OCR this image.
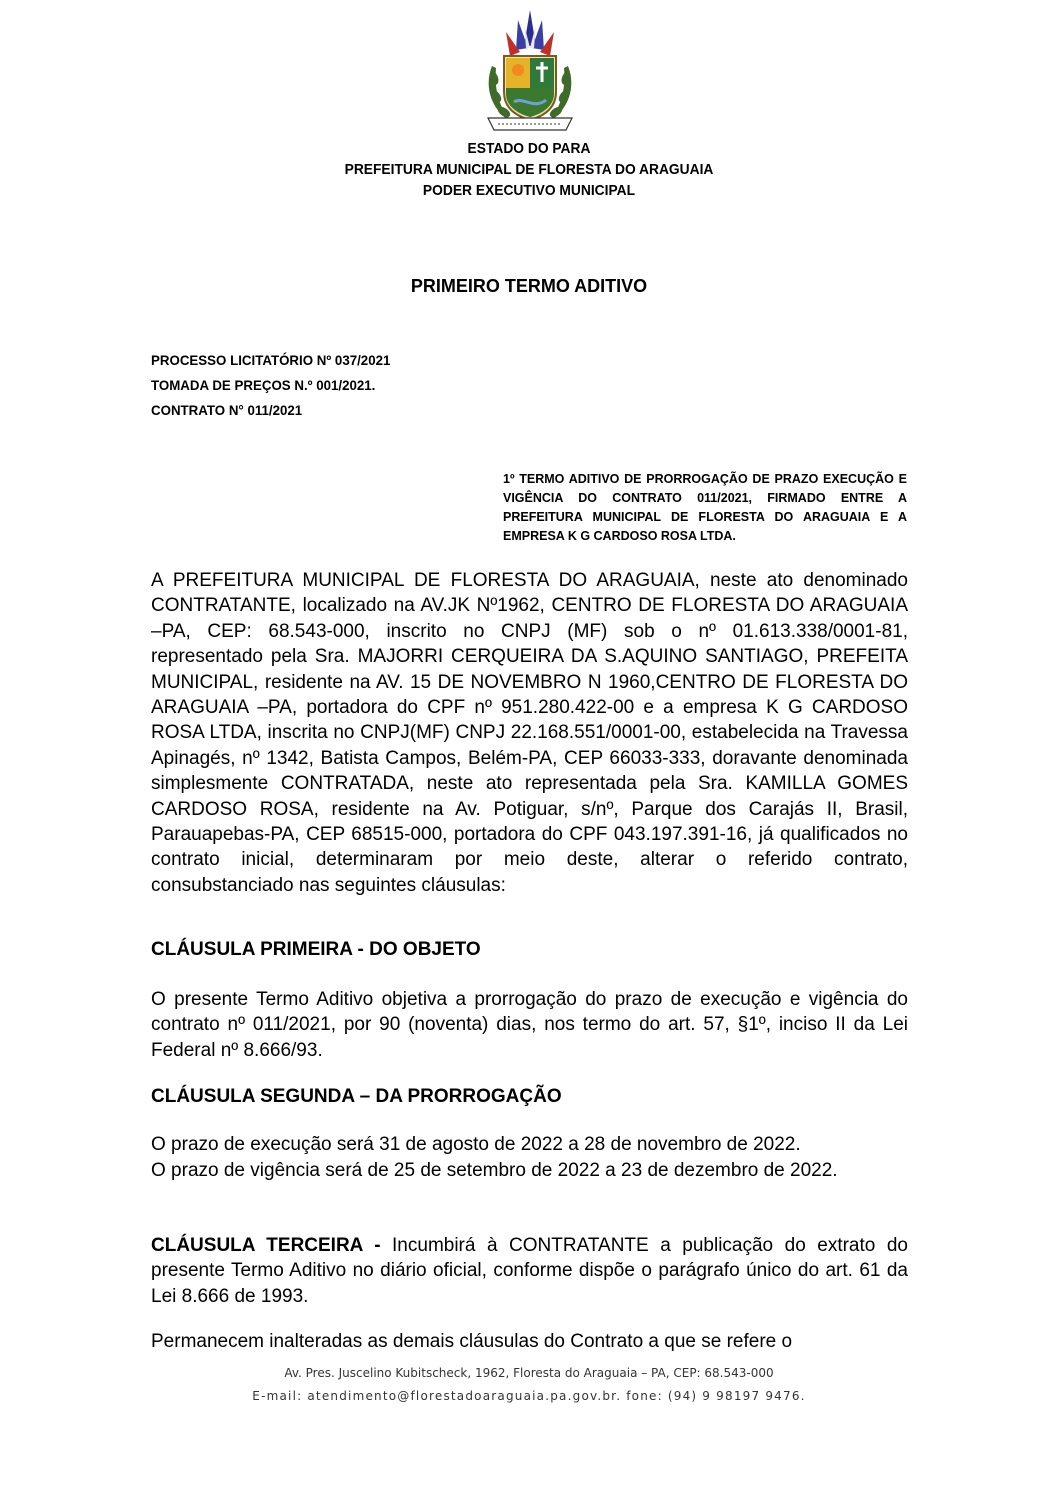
ESTADO DO PARA
PREFEITURA MUNICIPAL DE FLORESTA DO ARAGUAIA
PODER EXECUTIVO MUNICIPAL
PRIMEIRO TERMO ADITIVO
PROCESSO LICITATÓRIO Nº 037/2021
TOMADA DE PREÇOS N.º 001/2021.
CONTRATO N° 011/2021
1º TERMO ADITIVO DE PRORROGAÇÃO DE PRAZO EXECUÇÃO E VIGÊNCIA DO CONTRATO 011/2021, FIRMADO ENTRE A PREFEITURA MUNICIPAL DE FLORESTA DO ARAGUAIA E A EMPRESA K G CARDOSO ROSA LTDA.

A PREFEITURA MUNICIPAL DE FLORESTA DO ARAGUAIA, neste ato denominado CONTRATANTE, localizado na AV.JK Nº1962, CENTRO DE FLORESTA DO ARAGUAIA –PA, CEP: 68.543-000, inscrito no CNPJ (MF) sob o nº 01.613.338/0001-81, representado pela Sra. MAJORRI CERQUEIRA DA S.AQUINO SANTIAGO, PREFEITA MUNICIPAL, residente na AV. 15 DE NOVEMBRO N 1960,CENTRO DE FLORESTA DO ARAGUAIA –PA, portadora do CPF nº 951.280.422-00 e a empresa K G CARDOSO ROSA LTDA, inscrita no CNPJ(MF) CNPJ 22.168.551/0001-00, estabelecida na Travessa Apinagés, nº 1342, Batista Campos, Belém-PA, CEP 66033-333, doravante denominada simplesmente CONTRATADA, neste ato representada pela Sra. KAMILLA GOMES CARDOSO ROSA, residente na Av. Potiguar, s/nº, Parque dos Carajás II, Brasil, Parauapebas-PA, CEP 68515-000, portadora do CPF 043.197.391-16, já qualificados no contrato inicial, determinaram por meio deste, alterar o referido contrato, consubstanciado nas seguintes cláusulas:

CLÁUSULA PRIMEIRA - DO OBJETO

O presente Termo Aditivo objetiva a prorrogação do prazo de execução e vigência do contrato nº 011/2021, por 90 (noventa) dias, nos termo do art. 57, §1º, inciso II da Lei Federal nº 8.666/93.

CLÁUSULA SEGUNDA – DA PRORROGAÇÃO

O prazo de execução será 31 de agosto de 2022 a 28 de novembro de 2022.

O prazo de vigência será de 25 de setembro de 2022 a 23 de dezembro de 2022.

CLÁUSULA TERCEIRA - Incumbirá à CONTRATANTE a publicação do extrato do presente Termo Aditivo no diário oficial, conforme dispõe o parágrafo único do art. 61 da Lei 8.666 de 1993.

Permanecem inalteradas as demais cláusulas do Contrato a que se refere o

Av. Pres. Juscelino Kubitscheck, 1962, Floresta do Araguaia – PA, CEP: 68.543-000
E-mail: atendimento@florestadoaraguaia.pa.gov.br. fone: (94) 9 98197 9476.
